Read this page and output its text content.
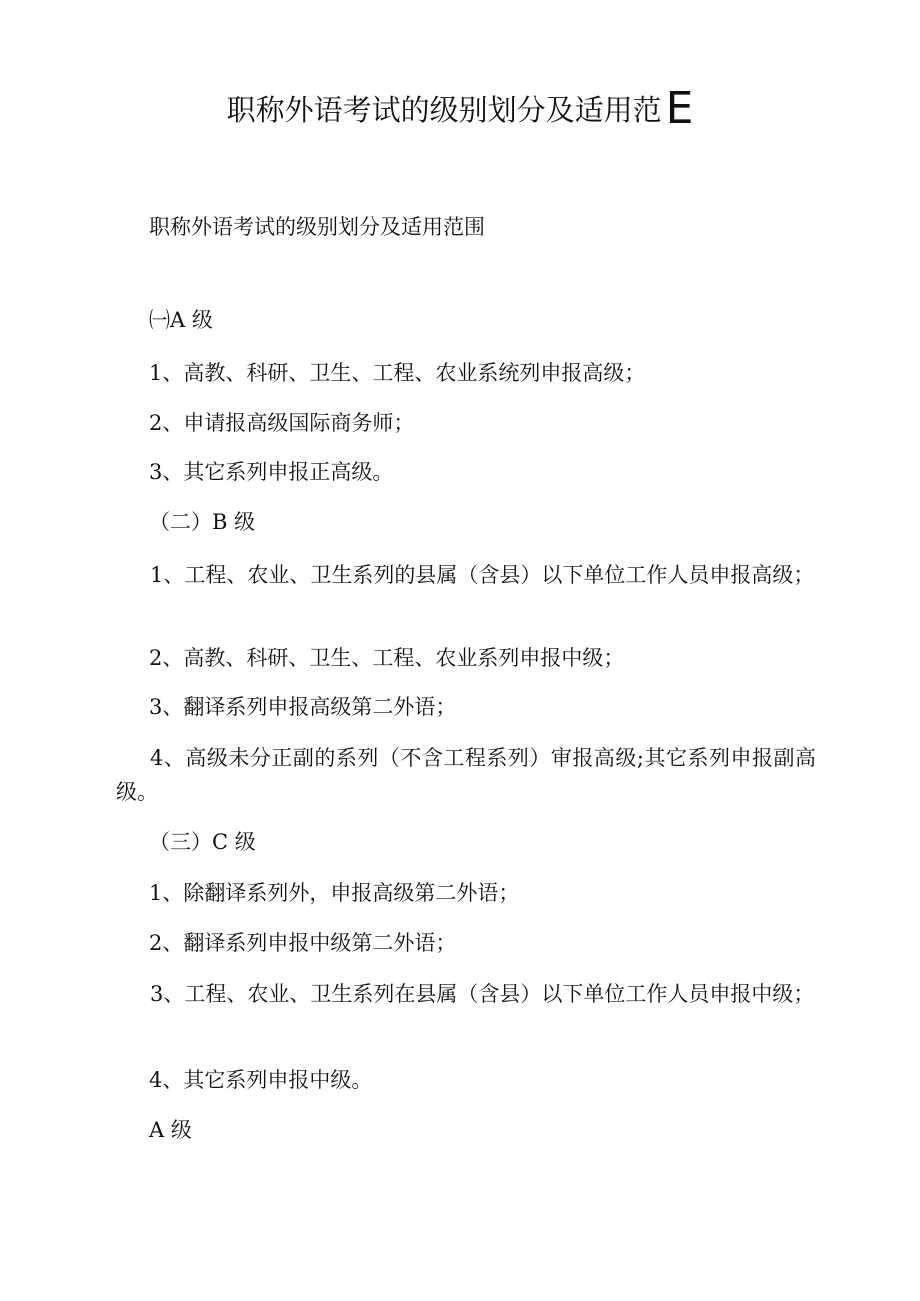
职称外语考试的级别划分及适用范E
职称外语考试的级别划分及适用范围
㈠A 级
1、高教、科研、卫生、工程、农业系统列申报高级；
2、申请报高级国际商务师；
3、其它系列申报正高级。
（二）B 级
1、工程、农业、卫生系列的县属（含县）以下单位工作人员申报高级；
2、高教、科研、卫生、工程、农业系列申报中级；
3、翻译系列申报高级第二外语；
4、高级未分正副的系列（不含工程系列）审报高级;其它系列申报副高级。
（三）C 级
1、除翻译系列外，申报高级第二外语；
2、翻译系列申报中级第二外语；
3、工程、农业、卫生系列在县属（含县）以下单位工作人员申报中级；
4、其它系列申报中级。
A 级
